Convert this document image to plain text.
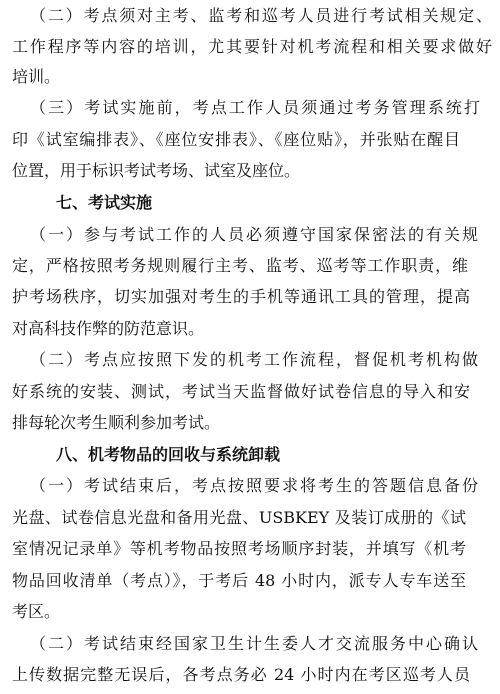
（二）考点须对主考、监考和巡考人员进行考试相关规定、
工作程序等内容的培训，尤其要针对机考流程和相关要求做好
培训。
（三）考试实施前，考点工作人员须通过考务管理系统打
印《试室编排表》、《座位安排表》、《座位贴》，并张贴在醒目
位置，用于标识考试考场、试室及座位。
七、考试实施
（一）参与考试工作的人员必须遵守国家保密法的有关规
定，严格按照考务规则履行主考、监考、巡考等工作职责，维
护考场秩序，切实加强对考生的手机等通讯工具的管理，提高
对高科技作弊的防范意识。
（二）考点应按照下发的机考工作流程，督促机考机构做
好系统的安装、测试，考试当天监督做好试卷信息的导入和安
排每轮次考生顺利参加考试。
八、机考物品的回收与系统卸载
（一）考试结束后，考点按照要求将考生的答题信息备份
光盘、试卷信息光盘和备用光盘、USBKEY 及装订成册的《试
室情况记录单》等机考物品按照考场顺序封装，并填写《机考
物品回收清单（考点）》，于考后 48 小时内，派专人专车送至
考区。
（二）考试结束经国家卫生计生委人才交流服务中心确认
上传数据完整无误后，各考点务必 24 小时内在考区巡考人员
